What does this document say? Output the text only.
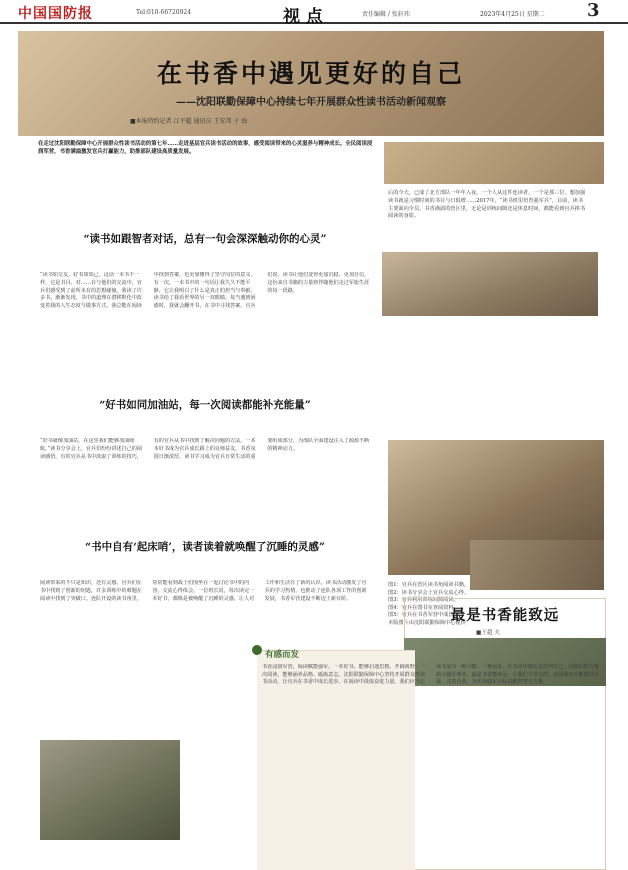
中国国防报	Tel:010-66720924	视 点	责任编辑 / 张轩玮	2023年4月25日 星期二 3
在书香中遇见更好的自己
——沈阳联勤保障中心持续七年开展群众性读书活动新闻观察
■本报特约记者 江平超 通讯员 王安邦 于 海
在走过沈阳联勤保障中心开展群众性读书活动的第七年……走进基层官兵读书活动的故事，感受阅读带来的心灵滋养与精神成长。全民阅读浸润军营，书香满溢激发官兵打赢能力，助推部队建设高质量发展。
后的今天，已成了北方部队一年年入夜。一个人从这件连读者，一个是那三位，想加强读书就是习惯时间的书目与日俱增……2017年，“读书班里培育强军兵”，目前，读书主要面向全员。书香满溢的营区里，无论是训练间隙还是休息时间，都能看到官兵捧书阅读的身影。
图1：官兵在营区读书角阅读书籍。
图2：读书分享会上官兵交流心得。
图3：官兵利用训练间隙阅读。
图4：官兵在图书室查阅资料。
图5：官兵在书香军营中成长。
本版图片由沈阳联勤保障中心提供
“读书如跟智者对话，总有一句会深深触动你的心灵”
“读书如交友，好书如知己。这话一本书不一样，它是书目，对……在与他们的交流中，官兵们感受到了前所未有的思想碰撞。我读了许多书，渐渐发现，书中的道理在潜移默化中改变着我的人生态度与做事方式。我总能在阅读中找到答案，也更加懂得了坚守岗位的意义。有一次，一本书中的一句话让我久久不能平静，它让我明白了什么是真正的担当与奉献。读书给了我看世界的另一双眼睛。每当遇到困惑时，我就会翻开书，在书中寻找答案。官兵们说，读书让他们变得更加沉稳、更加自信，这份来自书籍的力量将伴随他们走过军旅生涯的每一段路。
“好书如同加油站，每一次阅读都能补充能量”
“好书就像加油站，在这里我们能够加油续航。”读书分享会上，官兵们纷纷讲述自己的阅读感悟。有的官兵从书中汲取了训练的技巧，有的官兵从书中找到了解决问题的方法。一本本好书成为官兵成长路上的良师益友，书香氛围日渐浓厚，读书学习成为官兵日常生活的重要组成部分，为部队全面建设注入了源源不断的精神动力。
“书中自有‘起床哨’，读者读着就唤醒了沉睡的灵感”
阅读带来的不只是知识，还有灵感。官兵们在书中找到了创新的钥匙，许多训练中的难题在阅读中找到了突破口。连队开设的读书角里，常常能看到战士们围坐在一起讨论书中的内容，交流心得体会。一位班长说，每次读完一本好书，都像是被唤醒了沉睡的灵感，让人对工作和生活有了新的认识。读书活动激发了官兵的学习热情，也推动了连队各项工作的创新发展，书香军营建设不断迈上新台阶。
最是书香能致远
■王超 夫
有感而发
书香浸润军营，阅读赋能强军。一本好书，能够启迪思想、开阔视野；一次阅读，能够涵养品格、砥砺意志。沈阳联勤保障中心坚持开展群众性读书活动，让官兵在书香中成长进步，在阅读中汲取奋进力量。我们应当让读书成为一种习惯、一种追求，在书香中遇见更好的自己，以知识的力量助力强军事业。最是书香能致远，让我们与书为伴，在阅读中不断提升自我、完善自我，为实现强军目标贡献智慧与力量。
